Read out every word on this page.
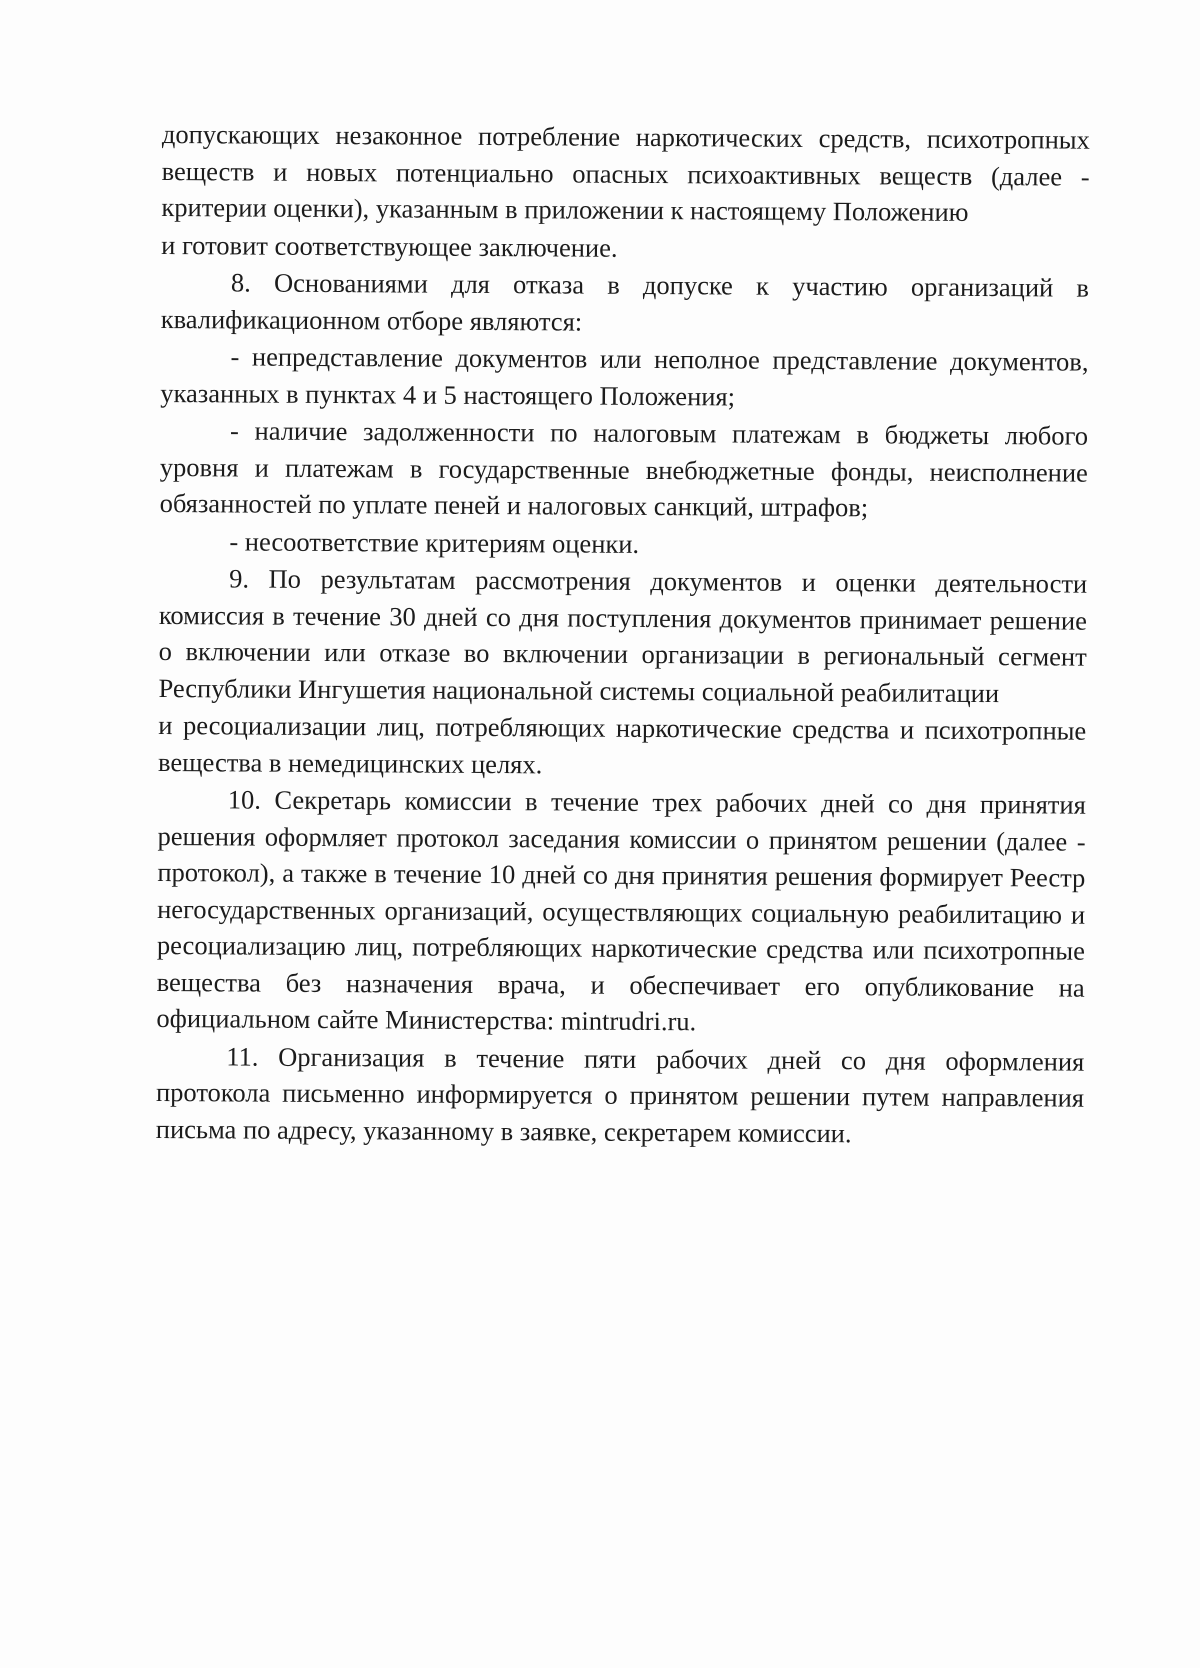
допускающих незаконное потребление наркотических средств, психотропных веществ и новых потенциально опасных психоактивных веществ (далее - критерии оценки), указанным в приложении к настоящему Положению

и готовит соответствующее заключение.

8. Основаниями для отказа в допуске к участию организаций в квалификационном отборе являются:

- непредставление документов или неполное представление документов, указанных в пунктах 4 и 5 настоящего Положения;

- наличие задолженности по налоговым платежам в бюджеты любого уровня и платежам в государственные внебюджетные фонды, неисполнение обязанностей по уплате пеней и налоговых санкций, штрафов;

- несоответствие критериям оценки.

9. По результатам рассмотрения документов и оценки деятельности комиссия в течение 30 дней со дня поступления документов принимает решение о включении или отказе во включении организации в региональный сегмент Республики Ингушетия национальной системы социальной реабилитации

и ресоциализации лиц, потребляющих наркотические средства и психотропные вещества в немедицинских целях.

10. Секретарь комиссии в течение трех рабочих дней со дня принятия решения оформляет протокол заседания комиссии о принятом решении (далее - протокол), а также в течение 10 дней со дня принятия решения формирует Реестр негосударственных организаций, осуществляющих социальную реабилитацию и ресоциализацию лиц, потребляющих наркотические средства или психотропные вещества без назначения врача, и обеспечивает его опубликование на официальном сайте Министерства: mintrudri.ru.

11. Организация в течение пяти рабочих дней со дня оформления протокола письменно информируется о принятом решении путем направления письма по адресу, указанному в заявке, секретарем комиссии.
